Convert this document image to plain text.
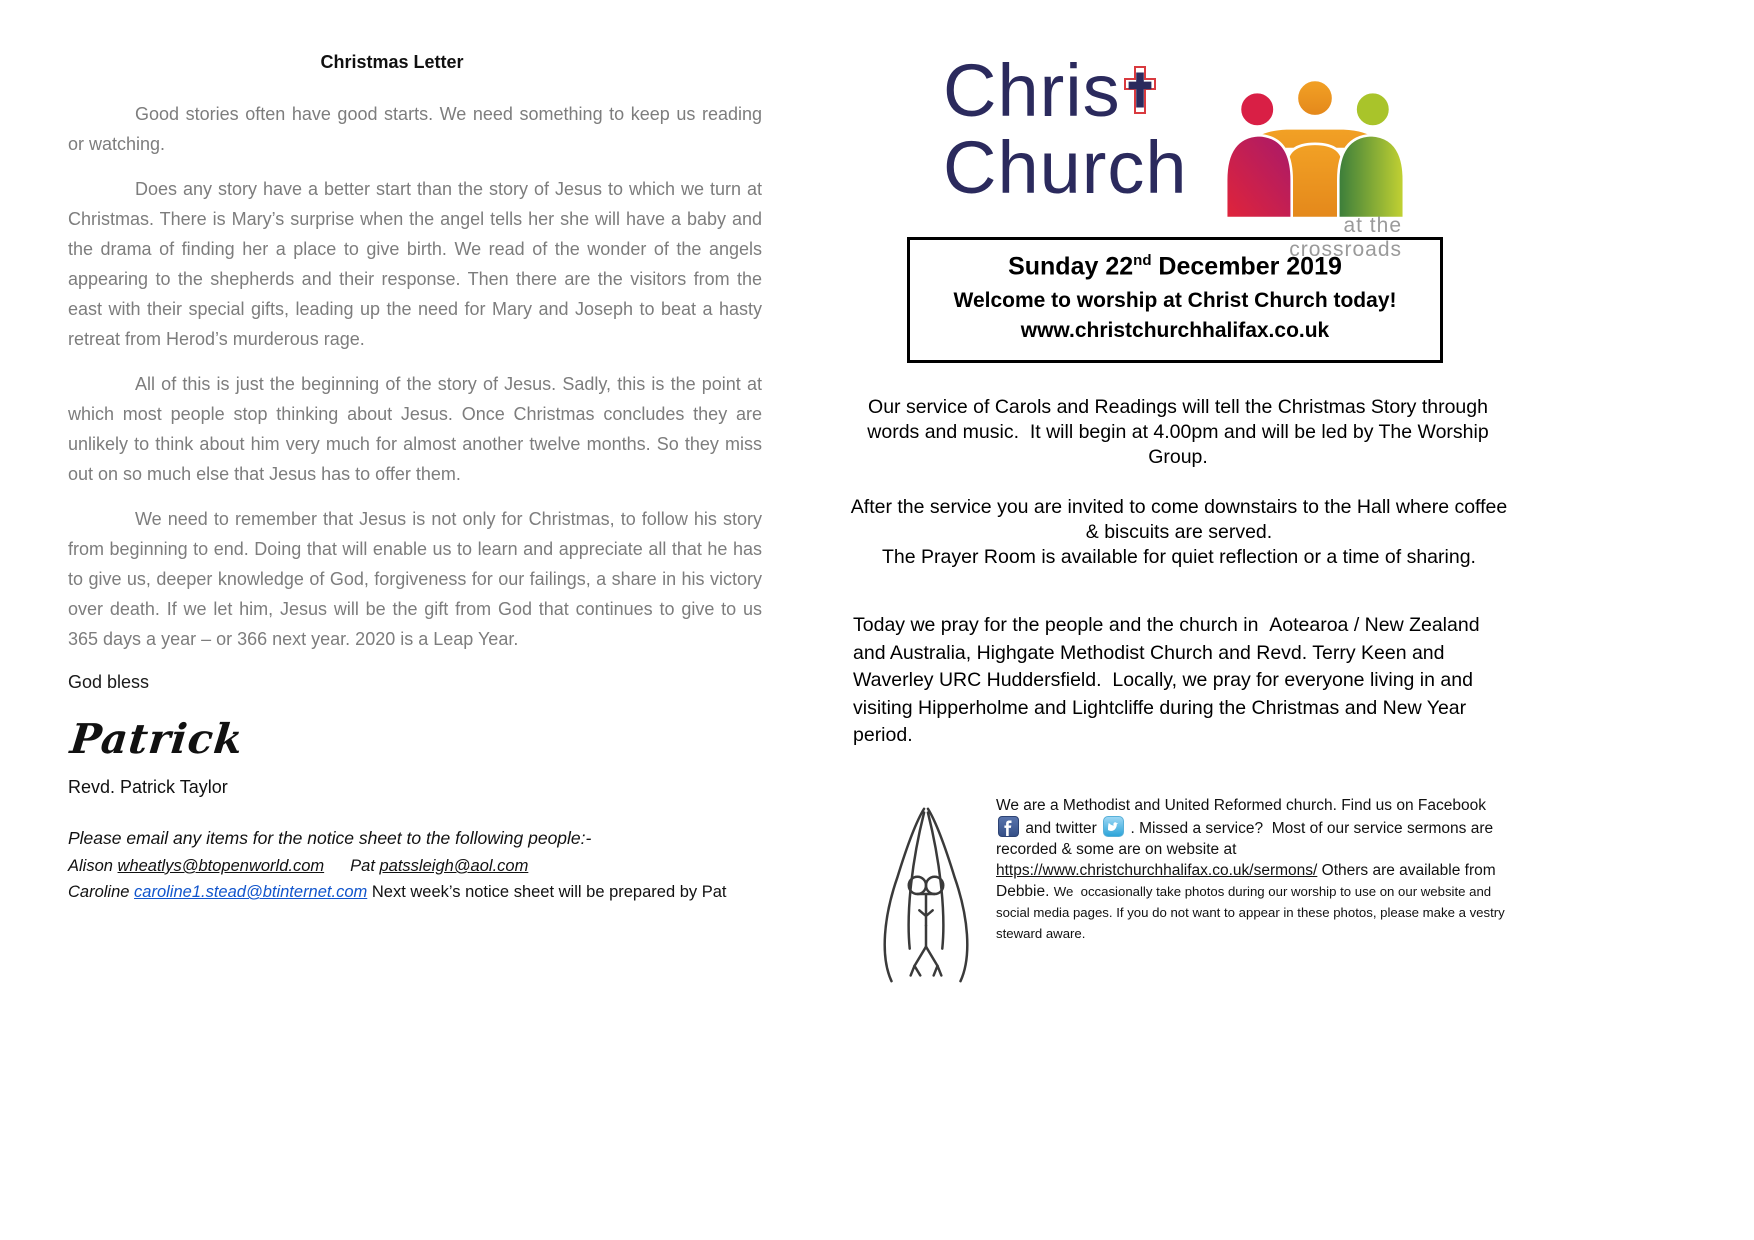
Christmas Letter

Good stories often have good starts. We need something to keep us reading or watching.

Does any story have a better start than the story of Jesus to which we turn at Christmas. There is Mary’s surprise when the angel tells her she will have a baby and the drama of finding her a place to give birth. We read of the wonder of the angels appearing to the shepherds and their response. Then there are the visitors from the east with their special gifts, leading up the need for Mary and Joseph to beat a hasty retreat from Herod’s murderous rage.

All of this is just the beginning of the story of Jesus. Sadly, this is the point at which most people stop thinking about Jesus. Once Christmas concludes they are unlikely to think about him very much for almost another twelve months. So they miss out on so much else that Jesus has to offer them.

We need to remember that Jesus is not only for Christmas, to follow his story from beginning to end. Doing that will enable us to learn and appreciate all that he has to give us, deeper knowledge of God, forgiveness for our failings, a share in his victory over death. If we let him, Jesus will be the gift from God that continues to give to us 365 days a year – or 366 next year. 2020 is a Leap Year.

God bless
Patrick
Revd. Patrick Taylor
Please email any items for the notice sheet to the following people:-
Alison wheatlys@btopenworld.com Pat patssleigh@aol.com
Caroline caroline1.stead@btinternet.com Next week’s notice sheet will be prepared by Pat
Chris
Church
at the crossroads
Sunday 22nd December 2019
Welcome to worship at Christ Church today!
www.christchurchhalifax.co.uk
Our service of Carols and Readings will tell the Christmas Story through words and music.  It will begin at 4.00pm and will be led by The Worship Group.
After the service you are invited to come downstairs to the Hall where coffee & biscuits are served.
The Prayer Room is available for quiet reflection or a time of sharing.
Today we pray for the people and the church in  Aotearoa / New Zealand and Australia, Highgate Methodist Church and Revd. Terry Keen and Waverley URC Huddersfield.  Locally, we pray for everyone living in and visiting Hipperholme and Lightcliffe during the Christmas and New Year period.
We are a Methodist and United Reformed church. Find us on Facebook  and twitter . Missed a service?  Most of our service sermons are recorded & some are on website at https://www.christchurchhalifax.co.uk/sermons/ Others are available from Debbie. We  occasionally take photos during our worship to use on our website and social media pages. If you do not want to appear in these photos, please make a vestry steward aware.
